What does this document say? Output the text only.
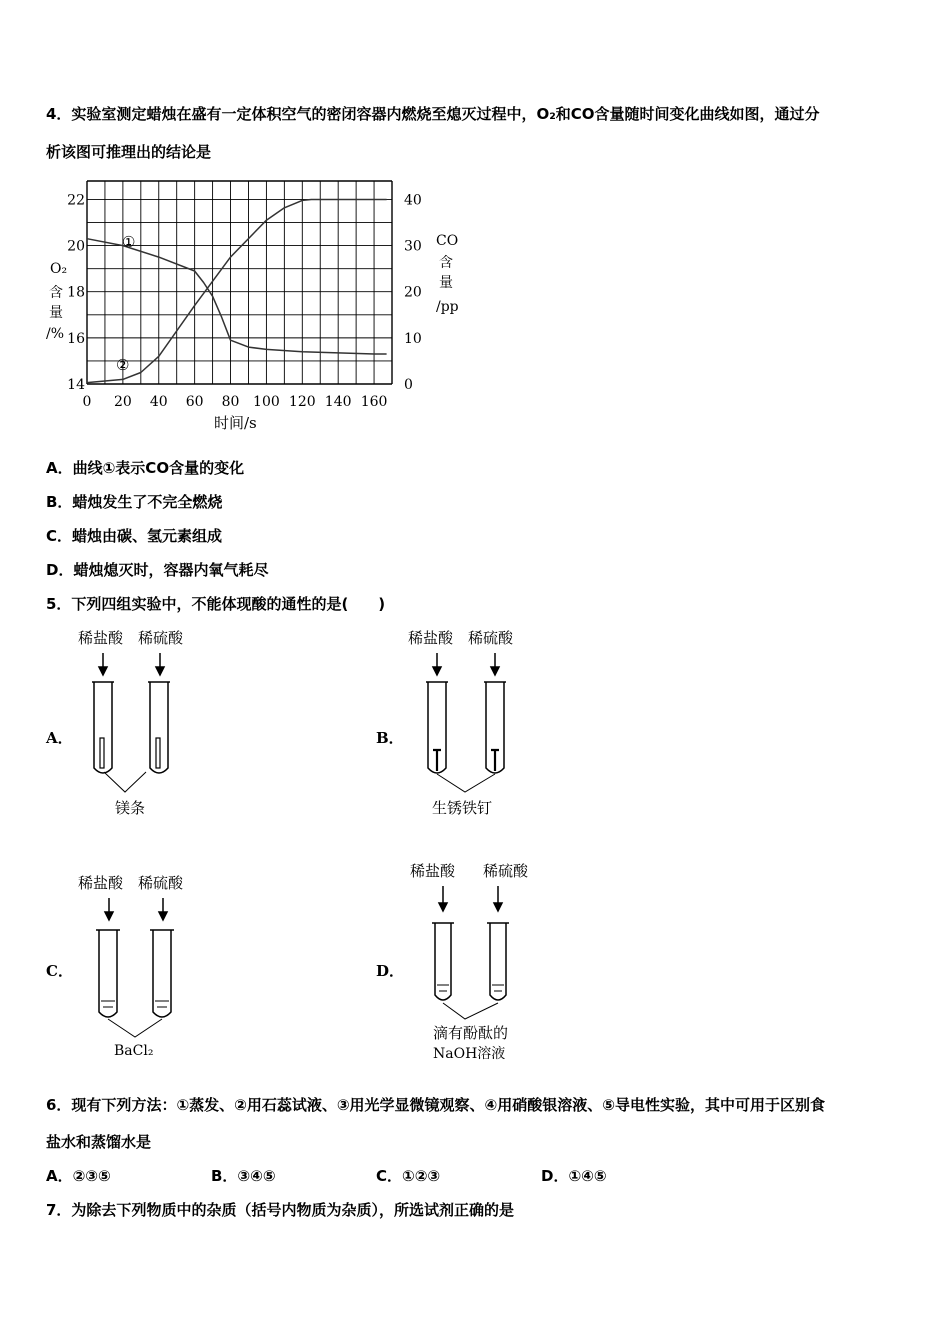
4．实验室测定蜡烛在盛有一定体积空气的密闭容器内燃烧至熄灭过程中，O₂和CO含量随时间变化曲线如图，通过分
析该图可推理出的结论是
0 20 40 60 80 100 120 140 160
14
16
18
20
22
0
10
20
30
40
①
②
O₂
含
量
/%
CO
含
量
/pp
时间/s
A．曲线①表示CO含量的变化
B．蜡烛发生了不完全燃烧
C．蜡烛由碳、氢元素组成
D．蜡烛熄灭时，容器内氧气耗尽
5．下列四组实验中，不能体现酸的通性的是(　　)
A．
稀盐酸 稀硫酸
镁条
B．
稀盐酸 稀硫酸
生锈铁钉
C．
稀盐酸 稀硫酸
BaCl₂
D．
稀盐酸 稀硫酸
滴有酚酞的
NaOH溶液
6．现有下列方法：①蒸发、②用石蕊试液、③用光学显微镜观察、④用硝酸银溶液、⑤导电性实验，其中可用于区别食
盐水和蒸馏水是
A．②③⑤	B．③④⑤	C．①②③	D．①④⑤
7．为除去下列物质中的杂质（括号内物质为杂质），所选试剂正确的是
